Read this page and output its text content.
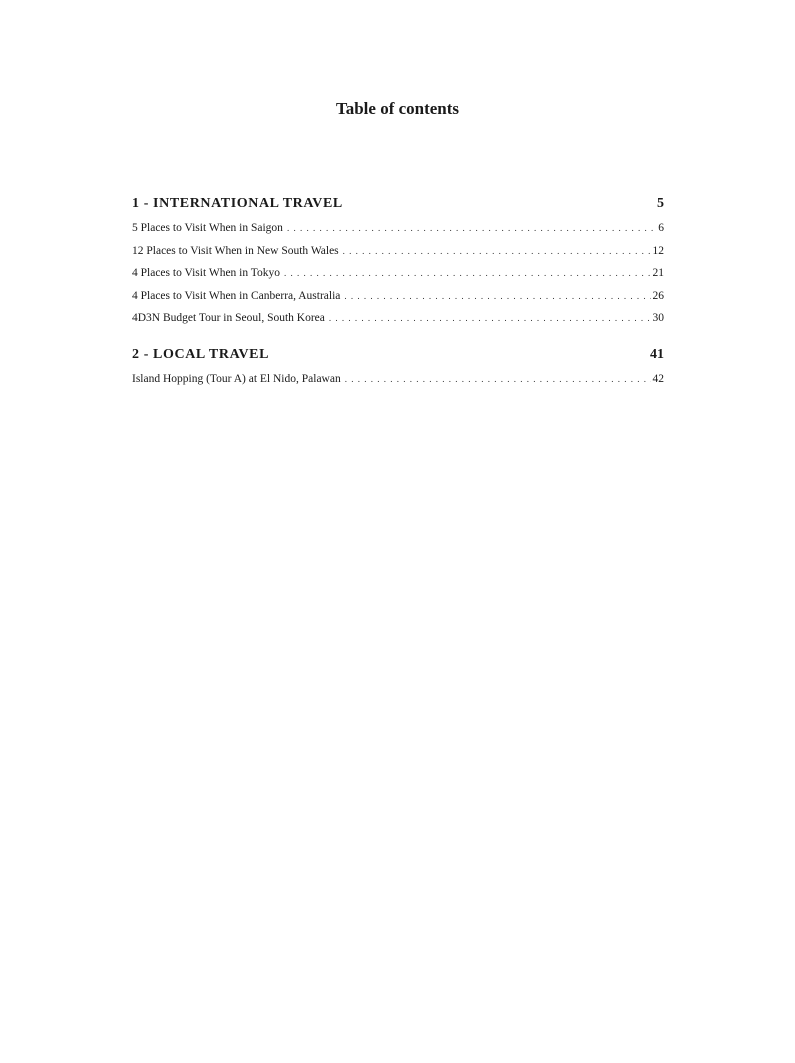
Table of contents
1 - INTERNATIONAL TRAVEL	5
5 Places to Visit When in Saigon . . .	6
12 Places to Visit When in New South Wales . . .	12
4 Places to Visit When in Tokyo . . .	21
4 Places to Visit When in Canberra, Australia . . .	26
4D3N Budget Tour in Seoul, South Korea . . .	30
2 - LOCAL TRAVEL	41
Island Hopping (Tour A) at El Nido, Palawan . . .	42
